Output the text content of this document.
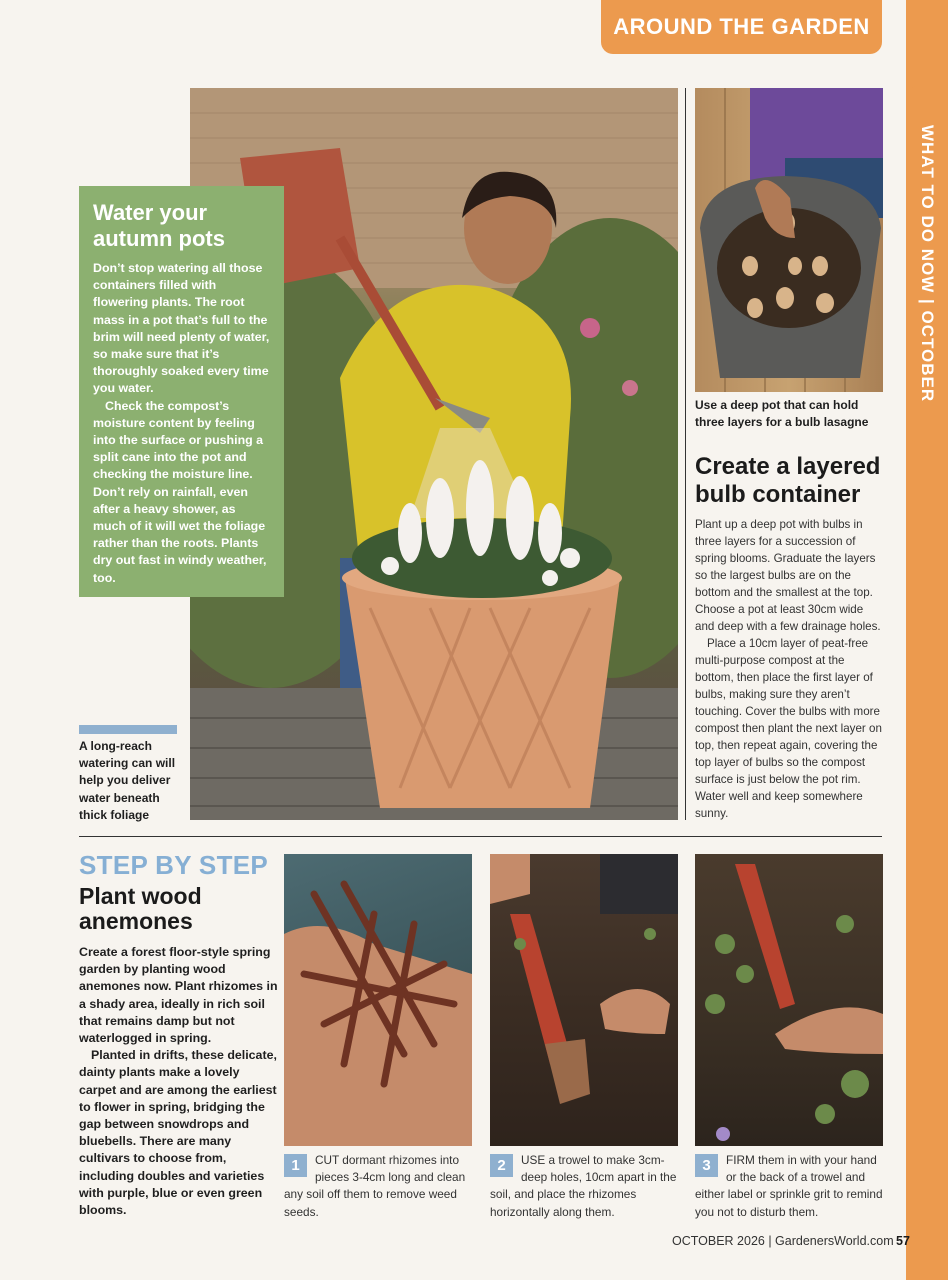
WHAT TO DO NOW | OCTOBER
AROUND THE GARDEN
Water your autumn pots

Don’t stop watering all those containers filled with flowering plants. The root mass in a pot that’s full to the brim will need plenty of water, so make sure that it’s thoroughly soaked every time you water.

Check the compost’s moisture content by feeling into the surface or pushing a split cane into the pot and checking the moisture line. Don’t rely on rainfall, even after a heavy shower, as much of it will wet the foliage rather than the roots. Plants dry out fast in windy weather, too.

A long-reach watering can will help you deliver water beneath thick foliage
Use a deep pot that can hold three layers for a bulb lasagne
Create a layered bulb container

Plant up a deep pot with bulbs in three layers for a succession of spring blooms. Graduate the layers so the largest bulbs are on the bottom and the smallest at the top. Choose a pot at least 30cm wide and deep with a few drainage holes.

Place a 10cm layer of peat-free multi-purpose compost at the bottom, then place the first layer of bulbs, making sure they aren’t touching. Cover the bulbs with more compost then plant the next layer on top, then repeat again, covering the top layer of bulbs so the compost surface is just below the pot rim. Water well and keep somewhere sunny.

STEP BY STEP
Plant wood anemones

Create a forest floor-style spring garden by planting wood anemones now. Plant rhizomes in a shady area, ideally in rich soil that remains damp but not waterlogged in spring.

Planted in drifts, these delicate, dainty plants make a lovely carpet and are among the earliest to flower in spring, bridging the gap between snowdrops and bluebells. There are many cultivars to choose from, including doubles and varieties with purple, blue or even green blooms.

1	CUT dormant rhizomes into pieces 3-4cm long and clean any soil off them to remove weed seeds.
2	USE a trowel to make 3cm-deep holes, 10cm apart in the soil, and place the rhizomes horizontally along them.
3	FIRM them in with your hand or the back of a trowel and either label or sprinkle grit to remind you not to disturb them.
OCTOBER 2026 | GardenersWorld.com 57
